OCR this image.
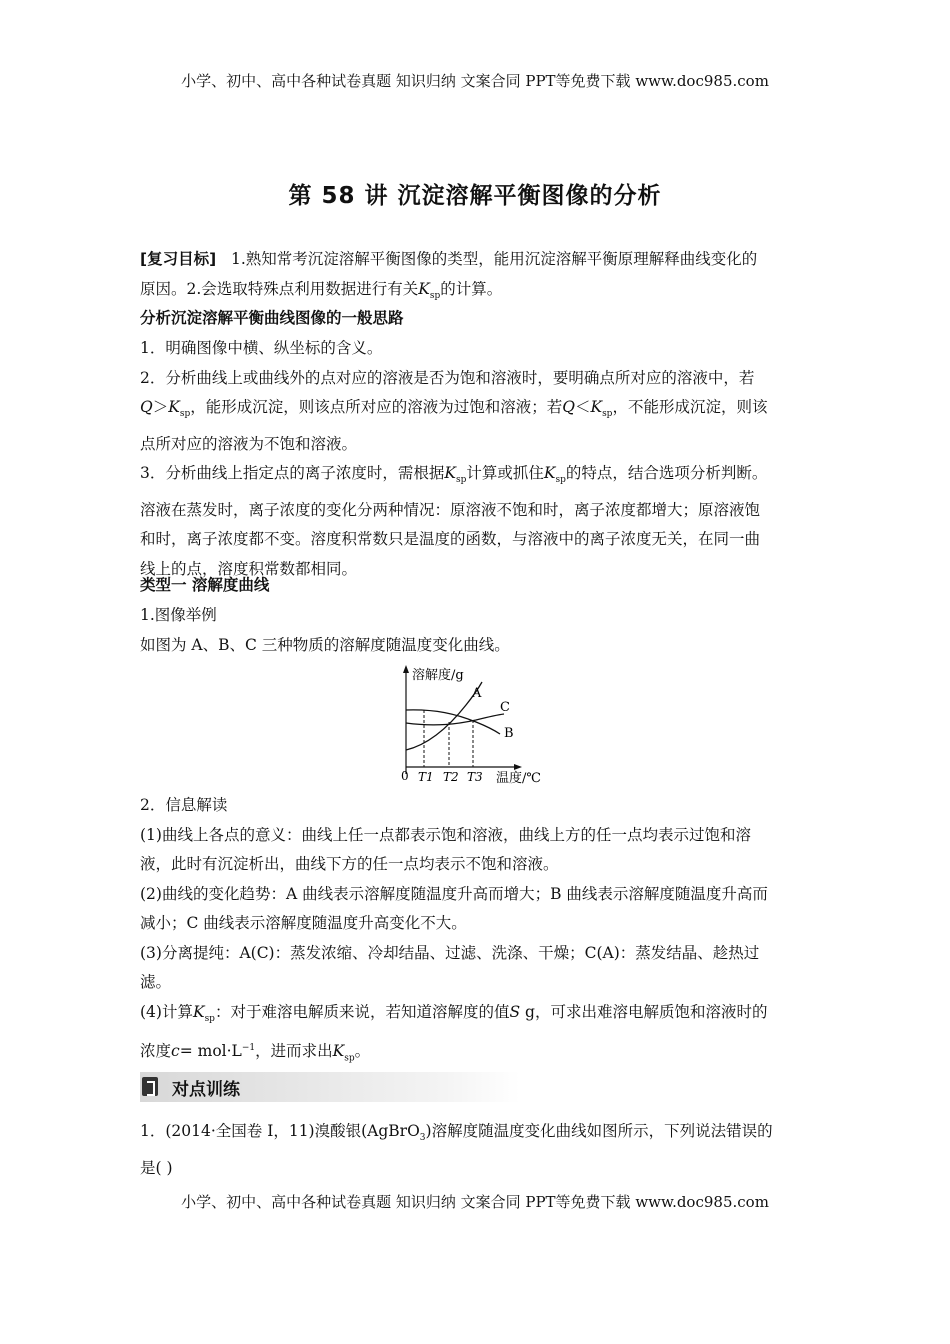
小学、初中、高中各种试卷真题 知识归纳 文案合同 PPT等免费下载 www.doc985.com
第 58 讲 沉淀溶解平衡图像的分析
[复习目标] 1.熟知常考沉淀溶解平衡图像的类型，能用沉淀溶解平衡原理解释曲线变化的
原因。2.会选取特殊点利用数据进行有关$K_{sp}$的计算。
分析沉淀溶解平衡曲线图像的一般思路
1．明确图像中横、纵坐标的含义。
2．分析曲线上或曲线外的点对应的溶液是否为饱和溶液时，要明确点所对应的溶液中，若
$Q>K_{sp}$，能形成沉淀，则该点所对应的溶液为过饱和溶液；若$Q<K_{sp}$，不能形成沉淀，则该
点所对应的溶液为不饱和溶液。
3．分析曲线上指定点的离子浓度时，需根据$K_{sp}$计算或抓住$K_{sp}$的特点，结合选项分析判断。
溶液在蒸发时，离子浓度的变化分两种情况：原溶液不饱和时，离子浓度都增大；原溶液饱
和时，离子浓度都不变。溶度积常数只是温度的函数，与溶液中的离子浓度无关，在同一曲
线上的点，溶度积常数都相同。
类型一 溶解度曲线
1.图像举例
如图为 A、B、C 三种物质的溶解度随温度变化曲线。
溶解度/g
A
B
C
0 T1 T2 T3 温度/℃
2．信息解读
(1)曲线上各点的意义：曲线上任一点都表示饱和溶液，曲线上方的任一点均表示过饱和溶
液，此时有沉淀析出，曲线下方的任一点均表示不饱和溶液。
(2)曲线的变化趋势：A 曲线表示溶解度随温度升高而增大；B 曲线表示溶解度随温度升高而
减小；C 曲线表示溶解度随温度升高变化不大。
(3)分离提纯：A(C)：蒸发浓缩、冷却结晶、过滤、洗涤、干燥；C(A)：蒸发结晶、趁热过
滤。
(4)计算$K_{sp}$：对于难溶电解质来说，若知道溶解度的值S g，可求出难溶电解质饱和溶液时的
浓度$c= mol\cdot L^{-1}$，进而求出$K_{sp}$。
对点训练
1．(2014·全国卷 Ⅰ，11)溴酸银(AgBrO$_3$)溶解度随温度变化曲线如图所示，下列说法错误的
是( )
小学、初中、高中各种试卷真题 知识归纳 文案合同 PPT等免费下载 www.doc985.com
